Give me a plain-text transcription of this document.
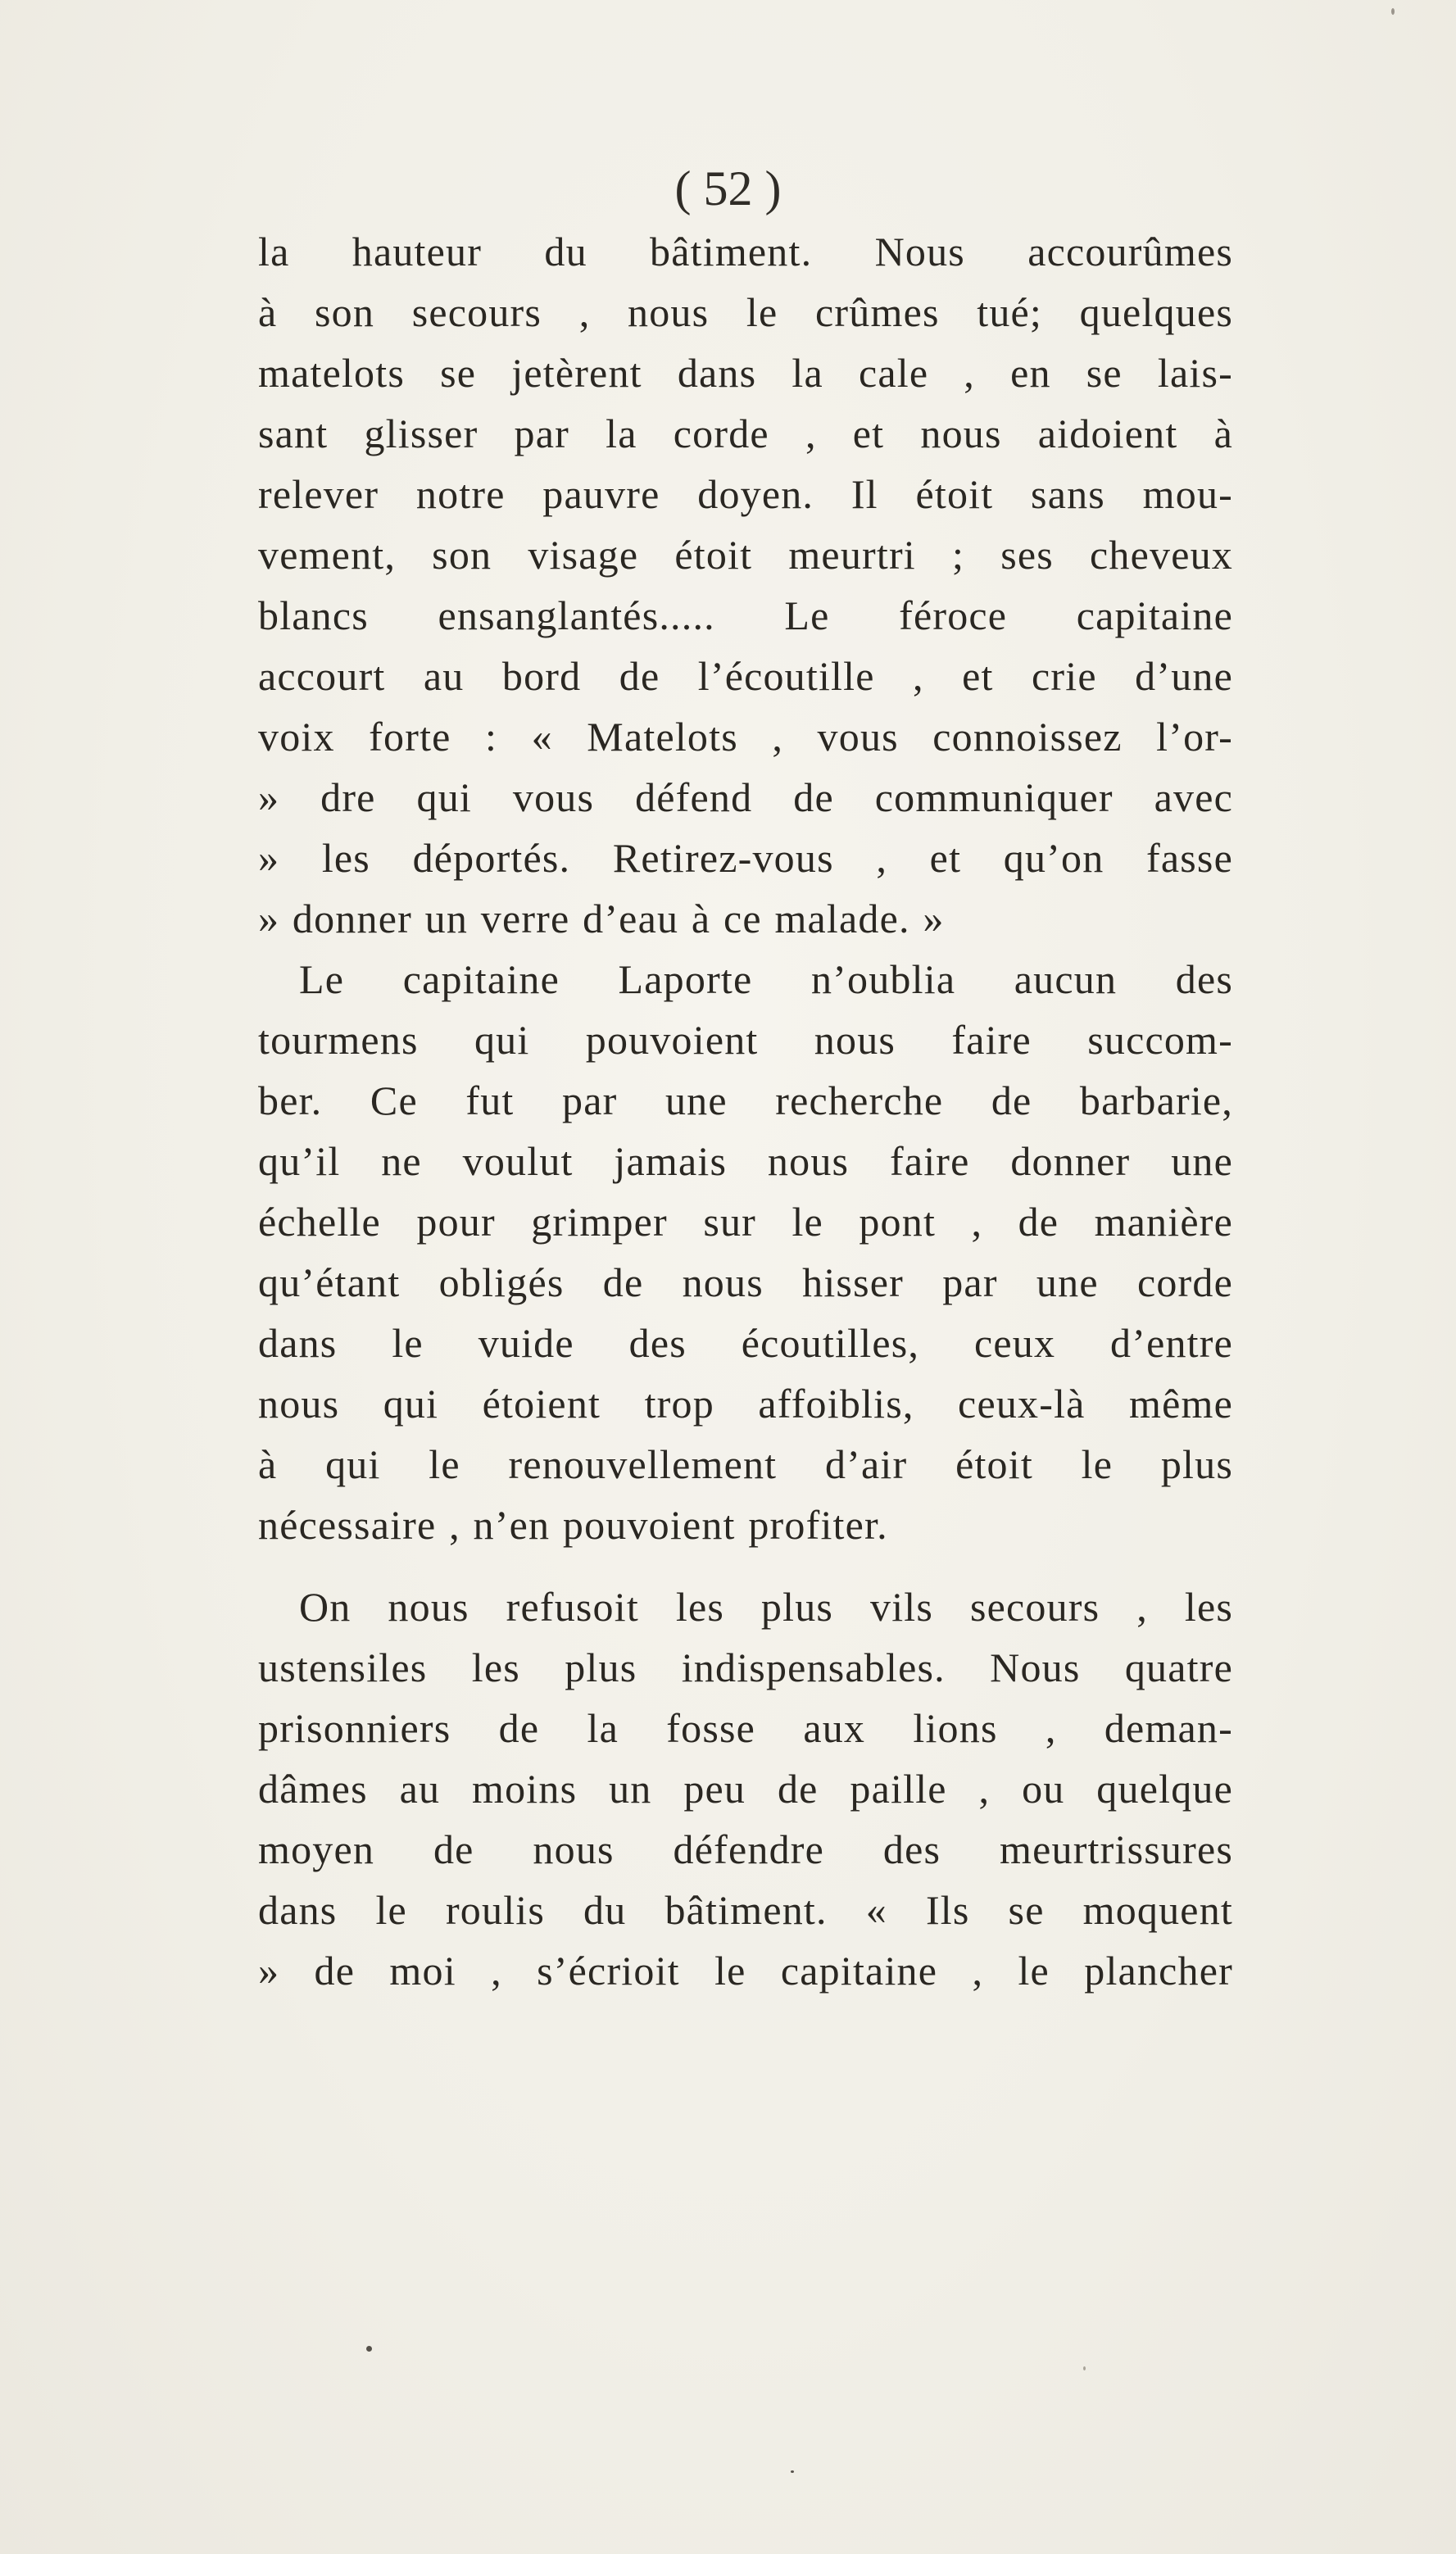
( 52 )
la hauteur du bâtiment. Nous accourûmes
à son secours , nous le crûmes tué; quelques
matelots se jetèrent dans la cale , en se lais-
sant glisser par la corde , et nous aidoient à
relever notre pauvre doyen. Il étoit sans mou-
vement, son visage étoit meurtri ; ses cheveux
blancs ensanglantés..... Le féroce capitaine
accourt au bord de l’écoutille , et crie d’une
voix forte : « Matelots , vous connoissez l’or-
» dre qui vous défend de communiquer avec
» les déportés. Retirez-vous , et qu’on fasse
» donner un verre d’eau à ce malade. »
Le capitaine Laporte n’oublia aucun des
tourmens qui pouvoient nous faire succom-
ber. Ce fut par une recherche de barbarie,
qu’il ne voulut jamais nous faire donner une
échelle pour grimper sur le pont , de manière
qu’étant obligés de nous hisser par une corde
dans le vuide des écoutilles, ceux d’entre
nous qui étoient trop affoiblis, ceux-là même
à qui le renouvellement d’air étoit le plus
nécessaire , n’en pouvoient profiter.
On nous refusoit les plus vils secours , les
ustensiles les plus indispensables. Nous quatre
prisonniers de la fosse aux lions , deman-
dâmes au moins un peu de paille , ou quelque
moyen de nous défendre des meurtrissures
dans le roulis du bâtiment. « Ils se moquent
» de moi , s’écrioit le capitaine , le plancher
